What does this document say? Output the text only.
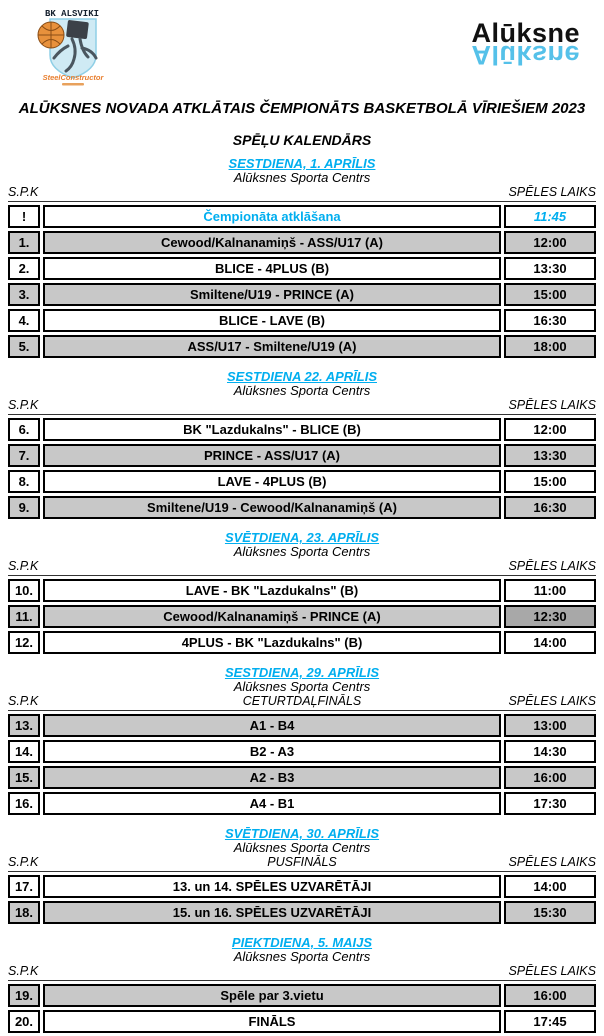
BK ALSVIKI
SteelConstructor
Alūksne
Alūksne
ALŪKSNES NOVADA ATKLĀTAIS ČEMPIONĀTS BASKETBOLĀ VĪRIEŠIEM 2023
SPĒĻU KALENDĀRS
SESTDIENA, 1. APRĪLIS
Alūksnes Sporta Centrs
S.P.K	SPĒLES LAIKS
!	Čempionāta atklāšana	11:45
1.	Cewood/Kalnanamiņš - ASS/U17 (A)	12:00
2.	BLICE - 4PLUS (B)	13:30
3.	Smiltene/U19 - PRINCE (A)	15:00
4.	BLICE - LAVE (B)	16:30
5.	ASS/U17 - Smiltene/U19 (A)	18:00
SESTDIENA 22. APRĪLIS
Alūksnes Sporta Centrs
S.P.K	SPĒLES LAIKS
6.	BK "Lazdukalns" - BLICE (B)	12:00
7.	PRINCE - ASS/U17 (A)	13:30
8.	LAVE - 4PLUS (B)	15:00
9.	Smiltene/U19 - Cewood/Kalnanamiņš (A)	16:30
SVĒTDIENA, 23. APRĪLIS
Alūksnes Sporta Centrs
S.P.K	SPĒLES LAIKS
10.	LAVE - BK "Lazdukalns" (B)	11:00
11.	Cewood/Kalnanamiņš - PRINCE (A)	12:30
12.	4PLUS - BK "Lazdukalns" (B)	14:00
SESTDIENA, 29. APRĪLIS
Alūksnes Sporta Centrs
S.P.K	CETURTDAĻFINĀLS	SPĒLES LAIKS
13.	A1 - B4	13:00
14.	B2 - A3	14:30
15.	A2 - B3	16:00
16.	A4 - B1	17:30
SVĒTDIENA, 30. APRĪLIS
Alūksnes Sporta Centrs
S.P.K	PUSFINĀLS	SPĒLES LAIKS
17.	13. un 14. SPĒLES UZVARĒTĀJI	14:00
18.	15. un 16. SPĒLES UZVARĒTĀJI	15:30
PIEKTDIENA, 5. MAIJS
Alūksnes Sporta Centrs
S.P.K	SPĒLES LAIKS
19.	Spēle par 3.vietu	16:00
20.	FINĀLS	17:45
